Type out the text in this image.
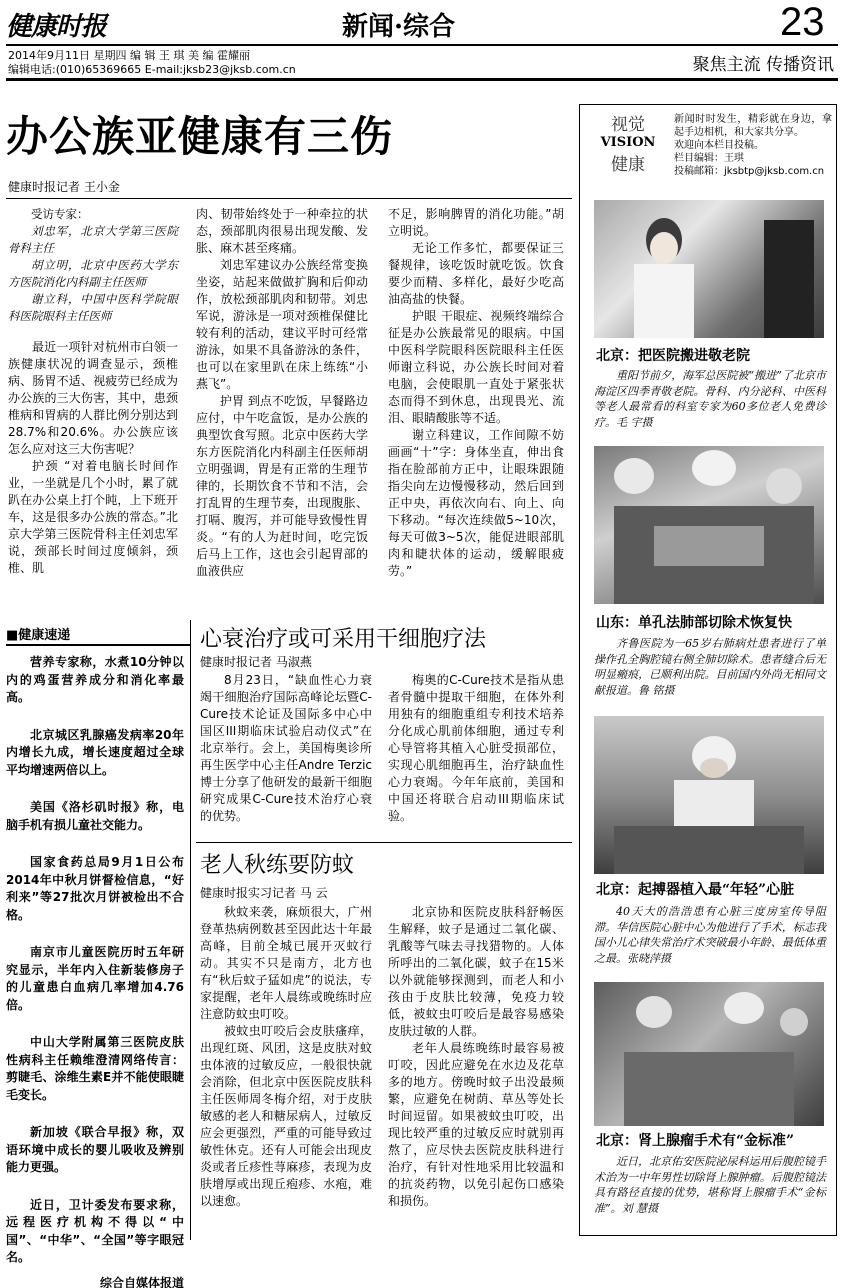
健康时报	新闻·综合	23
2014年9月11日 星期四 编 辑 王 琪 美 编 霍耀丽
编辑电话:(010)65369665 E-mail:jksb23@jksb.com.cn	聚焦主流 传播资讯
办公族亚健康有三伤
健康时报记者 王小金

受访专家：

刘忠军，北京大学第三医院骨科主任

胡立明，北京中医药大学东方医院消化内科副主任医师

谢立科，中国中医科学院眼科医院眼科主任医师

最近一项针对杭州市白领一族健康状况的调查显示，颈椎病、肠胃不适、视疲劳已经成为办公族的三大伤害，其中，患颈椎病和胃病的人群比例分别达到28.7%和20.6%。办公族应该怎么应对这三大伤害呢？

护颈 “对着电脑长时间作业，一坐就是几个小时，累了就趴在办公桌上打个盹，上下班开车，这是很多办公族的常态。”北京大学第三医院骨科主任刘忠军说，颈部长时间过度倾斜，颈椎、肌

肉、韧带始终处于一种牵拉的状态，颈部肌肉很易出现发酸、发胀、麻木甚至疼痛。

刘忠军建议办公族经常变换坐姿，站起来做做扩胸和后仰动作，放松颈部肌肉和韧带。刘忠军说，游泳是一项对颈椎保健比较有利的活动，建议平时可经常游泳，如果不具备游泳的条件，也可以在家里趴在床上练练“小燕飞”。

护胃 到点不吃饭，早餐路边应付，中午吃盒饭，是办公族的典型饮食写照。北京中医药大学东方医院消化内科副主任医师胡立明强调，胃是有正常的生理节律的，长期饮食不节和不洁，会打乱胃的生理节奏，出现腹胀、打嗝、腹泻，并可能导致慢性胃炎。“有的人为赶时间，吃完饭后马上工作，这也会引起胃部的血液供应

不足，影响脾胃的消化功能。”胡立明说。

无论工作多忙，都要保证三餐规律，该吃饭时就吃饭。饮食要少而精、多样化，最好少吃高油高盐的快餐。

护眼 干眼症、视频终端综合征是办公族最常见的眼病。中国中医科学院眼科医院眼科主任医师谢立科说，办公族长时间对着电脑，会使眼肌一直处于紧张状态而得不到休息，出现畏光、流泪、眼睛酸胀等不适。

谢立科建议，工作间隙不妨画画“十”字：身体坐直，伸出食指在脸部前方正中，让眼珠跟随指尖向左边慢慢移动，然后回到正中央，再依次向右、向上、向下移动。“每次连续做5~10次，每天可做3~5次，能促进眼部肌肉和睫状体的运动，缓解眼疲劳。”

■健康速递

营养专家称，水煮10分钟以内的鸡蛋营养成分和消化率最高。

北京城区乳腺癌发病率20年内增长九成，增长速度超过全球平均增速两倍以上。

美国《洛杉矶时报》称，电脑手机有损儿童社交能力。

国家食药总局9月1日公布2014年中秋月饼督检信息，“好利来”等27批次月饼被检出不合格。

南京市儿童医院历时五年研究显示，半年内入住新装修房子的儿童患白血病几率增加4.76倍。

中山大学附属第三医院皮肤性病科主任赖维澄清网络传言：剪睫毛、涂维生素E并不能使眼睫毛变长。

新加坡《联合早报》称，双语环境中成长的婴儿吸收及辨别能力更强。

近日，卫计委发布要求称，远程医疗机构不得以“中国”、“中华”、“全国”等字眼冠名。

综合自媒体报道

心衰治疗或可采用干细胞疗法
健康时报记者 马淑燕

8月23日，“缺血性心力衰竭干细胞治疗国际高峰论坛暨C-Cure技术论证及国际多中心中国区III期临床试验启动仪式”在北京举行。会上，美国梅奥诊所再生医学中心主任Andre Terzic博士分享了他研发的最新干细胞研究成果C-Cure技术治疗心衰的优势。

梅奥的C-Cure技术是指从患者骨髓中提取干细胞，在体外利用独有的细胞重组专利技术培养分化成心肌前体细胞，通过专利心导管将其植入心脏受损部位，实现心肌细胞再生，治疗缺血性心力衰竭。今年年底前，美国和中国还将联合启动III期临床试验。

老人秋练要防蚊
健康时报实习记者 马 云

秋蚊来袭，麻烦很大，广州登革热病例数甚至因此达十年最高峰，目前全城已展开灭蚊行动。其实不只是南方，北方也有“秋后蚊子猛如虎”的说法，专家提醒，老年人晨练或晚练时应注意防蚊虫叮咬。

被蚊虫叮咬后会皮肤瘙痒，出现红斑、风团，这是皮肤对蚊虫体液的过敏反应，一般很快就会消除，但北京中医医院皮肤科主任医师周冬梅介绍，对于皮肤敏感的老人和糖尿病人，过敏反应会更强烈，严重的可能导致过敏性休克。还有人可能会出现皮炎或者丘疹性荨麻疹，表现为皮肤增厚或出现丘疱疹、水疱，难以速愈。

北京协和医院皮肤科舒畅医生解释，蚊子是通过二氧化碳、乳酸等气味去寻找猎物的。人体所呼出的二氧化碳，蚊子在15米以外就能够探测到，而老人和小孩由于皮肤比较薄，免疫力较低，被蚊虫叮咬后是最容易感染皮肤过敏的人群。

老年人晨练晚练时最容易被叮咬，因此应避免在水边及花草多的地方。傍晚时蚊子出没最频繁，应避免在树荫、草丛等处长时间逗留。如果被蚊虫叮咬，出现比较严重的过敏反应时就别再熬了，应尽快去医院皮肤科进行治疗，有针对性地采用比较温和的抗炎药物，以免引起伤口感染和损伤。

视觉
VISION
健康

新闻时时发生，精彩就在身边，拿起手边相机，和大家共分享。

欢迎向本栏目投稿。

栏目编辑：王琪

投稿邮箱：jksbtp@jksb.com.cn

北京：把医院搬进敬老院

重阳节前夕，海军总医院被“搬进”了北京市海淀区四季青敬老院。骨科、内分泌科、中医科等老人最常看的科室专家为60多位老人免费诊疗。毛 宇摄

山东：单孔法肺部切除术恢复快

齐鲁医院为一65岁右肺病灶患者进行了单操作孔全胸腔镜右侧全肺切除术。患者缝合后无明显瘢痕，已顺利出院。目前国内外尚无相同文献报道。鲁 铭摄

北京：起搏器植入最“年轻”心脏

40天大的浩浩患有心脏三度房室传导阻滞。华信医院心脏中心为他进行了手术，标志我国小儿心律失常治疗术突破最小年龄、最低体重之最。张晓萍摄

北京：肾上腺瘤手术有“金标准”

近日，北京佑安医院泌尿科运用后腹腔镜手术治为一中年男性切除肾上腺肿瘤。后腹腔镜法具有路径直接的优势，堪称肾上腺瘤手术“金标准”。刘 慧摄
